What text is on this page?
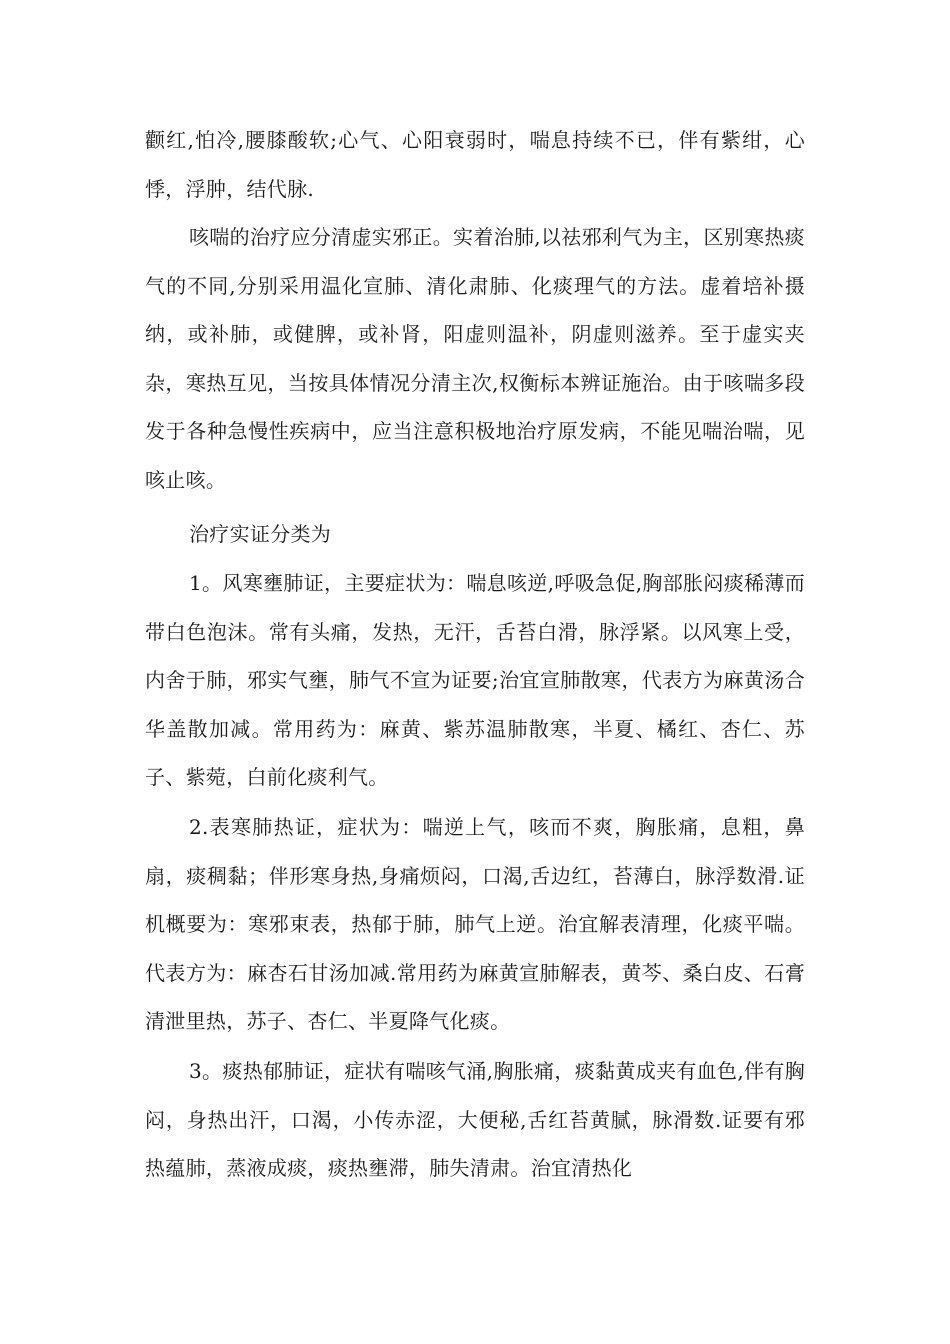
颧红,怕冷,腰膝酸软;心气、心阳衰弱时，喘息持续不已，伴有紫绀，心悸，浮肿，结代脉.

咳喘的治疗应分清虚实邪正。实着治肺,以祛邪利气为主，区别寒热痰气的不同,分别采用温化宣肺、清化肃肺、化痰理气的方法。虚着培补摄纳，或补肺，或健脾，或补肾，阳虚则温补，阴虚则滋养。至于虚实夹杂，寒热互见，当按具体情况分清主次,权衡标本辨证施治。由于咳喘多段发于各种急慢性疾病中，应当注意积极地治疗原发病，不能见喘治喘，见咳止咳。

治疗实证分类为

1。风寒壅肺证，主要症状为：喘息咳逆,呼吸急促,胸部胀闷痰稀薄而带白色泡沫。常有头痛，发热，无汗，舌苔白滑，脉浮紧。以风寒上受，内舍于肺，邪实气壅，肺气不宣为证要;治宜宣肺散寒，代表方为麻黄汤合华盖散加减。常用药为：麻黄、紫苏温肺散寒，半夏、橘红、杏仁、苏子、紫菀，白前化痰利气。

2.表寒肺热证，症状为：喘逆上气，咳而不爽，胸胀痛，息粗，鼻扇，痰稠黏；伴形寒身热,身痛烦闷，口渴,舌边红，苔薄白，脉浮数滑.证机概要为：寒邪束表，热郁于肺，肺气上逆。治宜解表清理，化痰平喘。代表方为：麻杏石甘汤加减.常用药为麻黄宣肺解表，黄芩、桑白皮、石膏清泄里热，苏子、杏仁、半夏降气化痰。

3。痰热郁肺证，症状有喘咳气涌,胸胀痛，痰黏黄成夹有血色,伴有胸闷，身热出汗，口渴，小传赤涩，大便秘,舌红苔黄腻，脉滑数.证要有邪热蕴肺，蒸液成痰，痰热壅滞，肺失清肃。治宜清热化
